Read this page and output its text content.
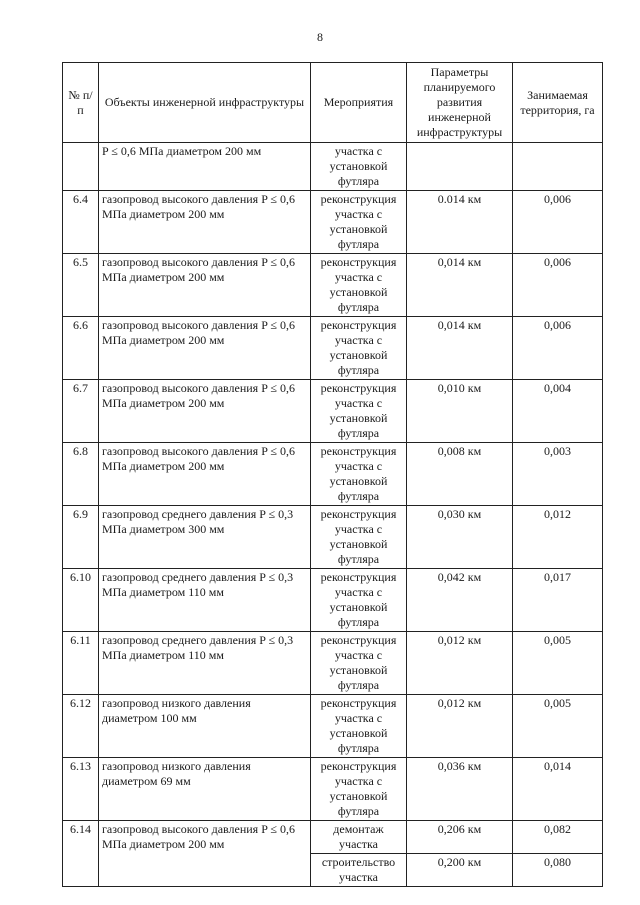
8
№ п/п	Объекты инженерной инфраструктуры	Мероприятия	Параметры планируемого развития инженерной инфраструктуры	Занимаемая территория, га
	P ≤ 0,6 МПа диаметром 200 мм	участка с установкой футляра		
6.4	газопровод высокого давления P ≤ 0,6 МПа диаметром 200 мм	реконструкция участка с установкой футляра	0.014 км	0,006
6.5	газопровод высокого давления P ≤ 0,6 МПа диаметром 200 мм	реконструкция участка с установкой футляра	0,014 км	0,006
6.6	газопровод высокого давления P ≤ 0,6 МПа диаметром 200 мм	реконструкция участка с установкой футляра	0,014 км	0,006
6.7	газопровод высокого давления P ≤ 0,6 МПа диаметром 200 мм	реконструкция участка с установкой футляра	0,010 км	0,004
6.8	газопровод высокого давления P ≤ 0,6 МПа диаметром 200 мм	реконструкция участка с установкой футляра	0,008 км	0,003
6.9	газопровод среднего давления P ≤ 0,3 МПа диаметром 300 мм	реконструкция участка с установкой футляра	0,030 км	0,012
6.10	газопровод среднего давления P ≤ 0,3 МПа диаметром 110 мм	реконструкция участка с установкой футляра	0,042 км	0,017
6.11	газопровод среднего давления P ≤ 0,3 МПа диаметром 110 мм	реконструкция участка с установкой футляра	0,012 км	0,005
6.12	газопровод низкого давления диаметром 100 мм	реконструкция участка с установкой футляра	0,012 км	0,005
6.13	газопровод низкого давления диаметром 69 мм	реконструкция участка с установкой футляра	0,036 км	0,014
6.14	газопровод высокого давления P ≤ 0,6 МПа диаметром 200 мм	демонтаж участка	0,206 км	0,082
		строительство участка	0,200 км	0,080
